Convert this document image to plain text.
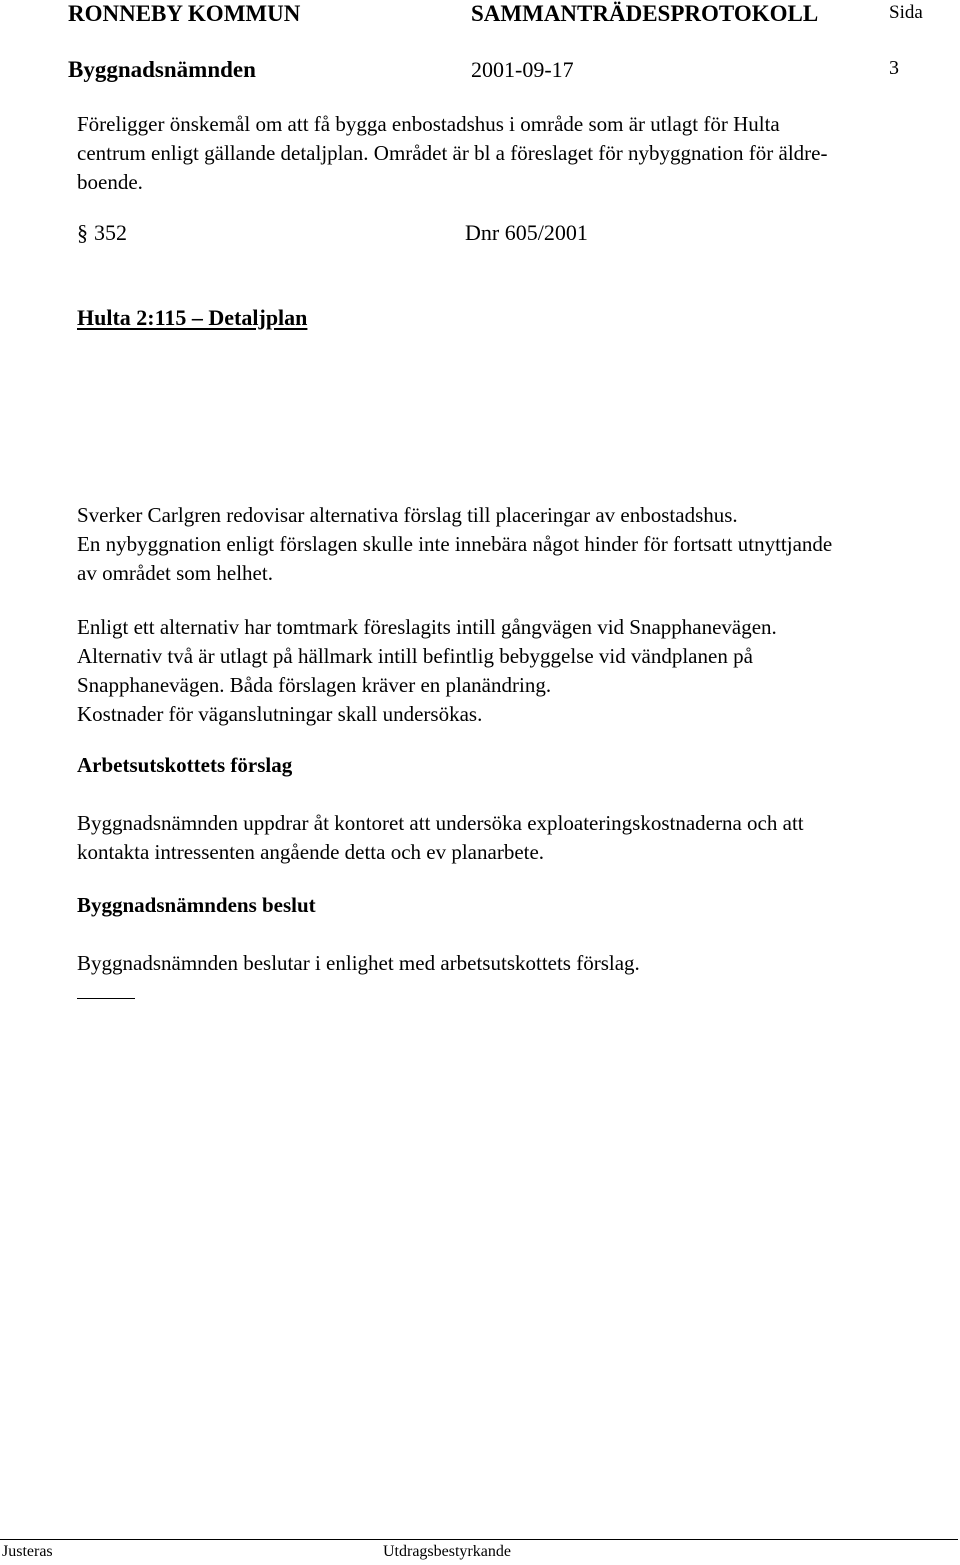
RONNEBY KOMMUN	SAMMANTRÄDESPROTOKOLL	Sida
Byggnadsnämnden	2001-09-17	3
§ 352	Dnr 605/2001
Hulta 2:115 – Detaljplan
Föreligger önskemål om att få bygga enbostadshus i område som är utlagt för Hulta
centrum enligt gällande detaljplan. Området är bl a föreslaget för nybyggnation för äldre-
boende.
Sverker Carlgren redovisar alternativa förslag till placeringar av enbostadshus.
En nybyggnation enligt förslagen skulle inte innebära något hinder för fortsatt utnyttjande
av området som helhet.
Enligt ett alternativ har tomtmark föreslagits intill gångvägen vid Snapphanevägen.
Alternativ två är utlagt på hällmark intill befintlig bebyggelse vid vändplanen på
Snapphanevägen. Båda förslagen kräver en planändring.
Kostnader för väganslutningar skall undersökas.
Arbetsutskottets förslag
Byggnadsnämnden uppdrar åt kontoret att undersöka exploateringskostnaderna och att
kontakta intressenten angående detta och ev planarbete.
Byggnadsnämndens beslut
Byggnadsnämnden beslutar i enlighet med arbetsutskottets förslag.
Justeras	Utdragsbestyrkande
